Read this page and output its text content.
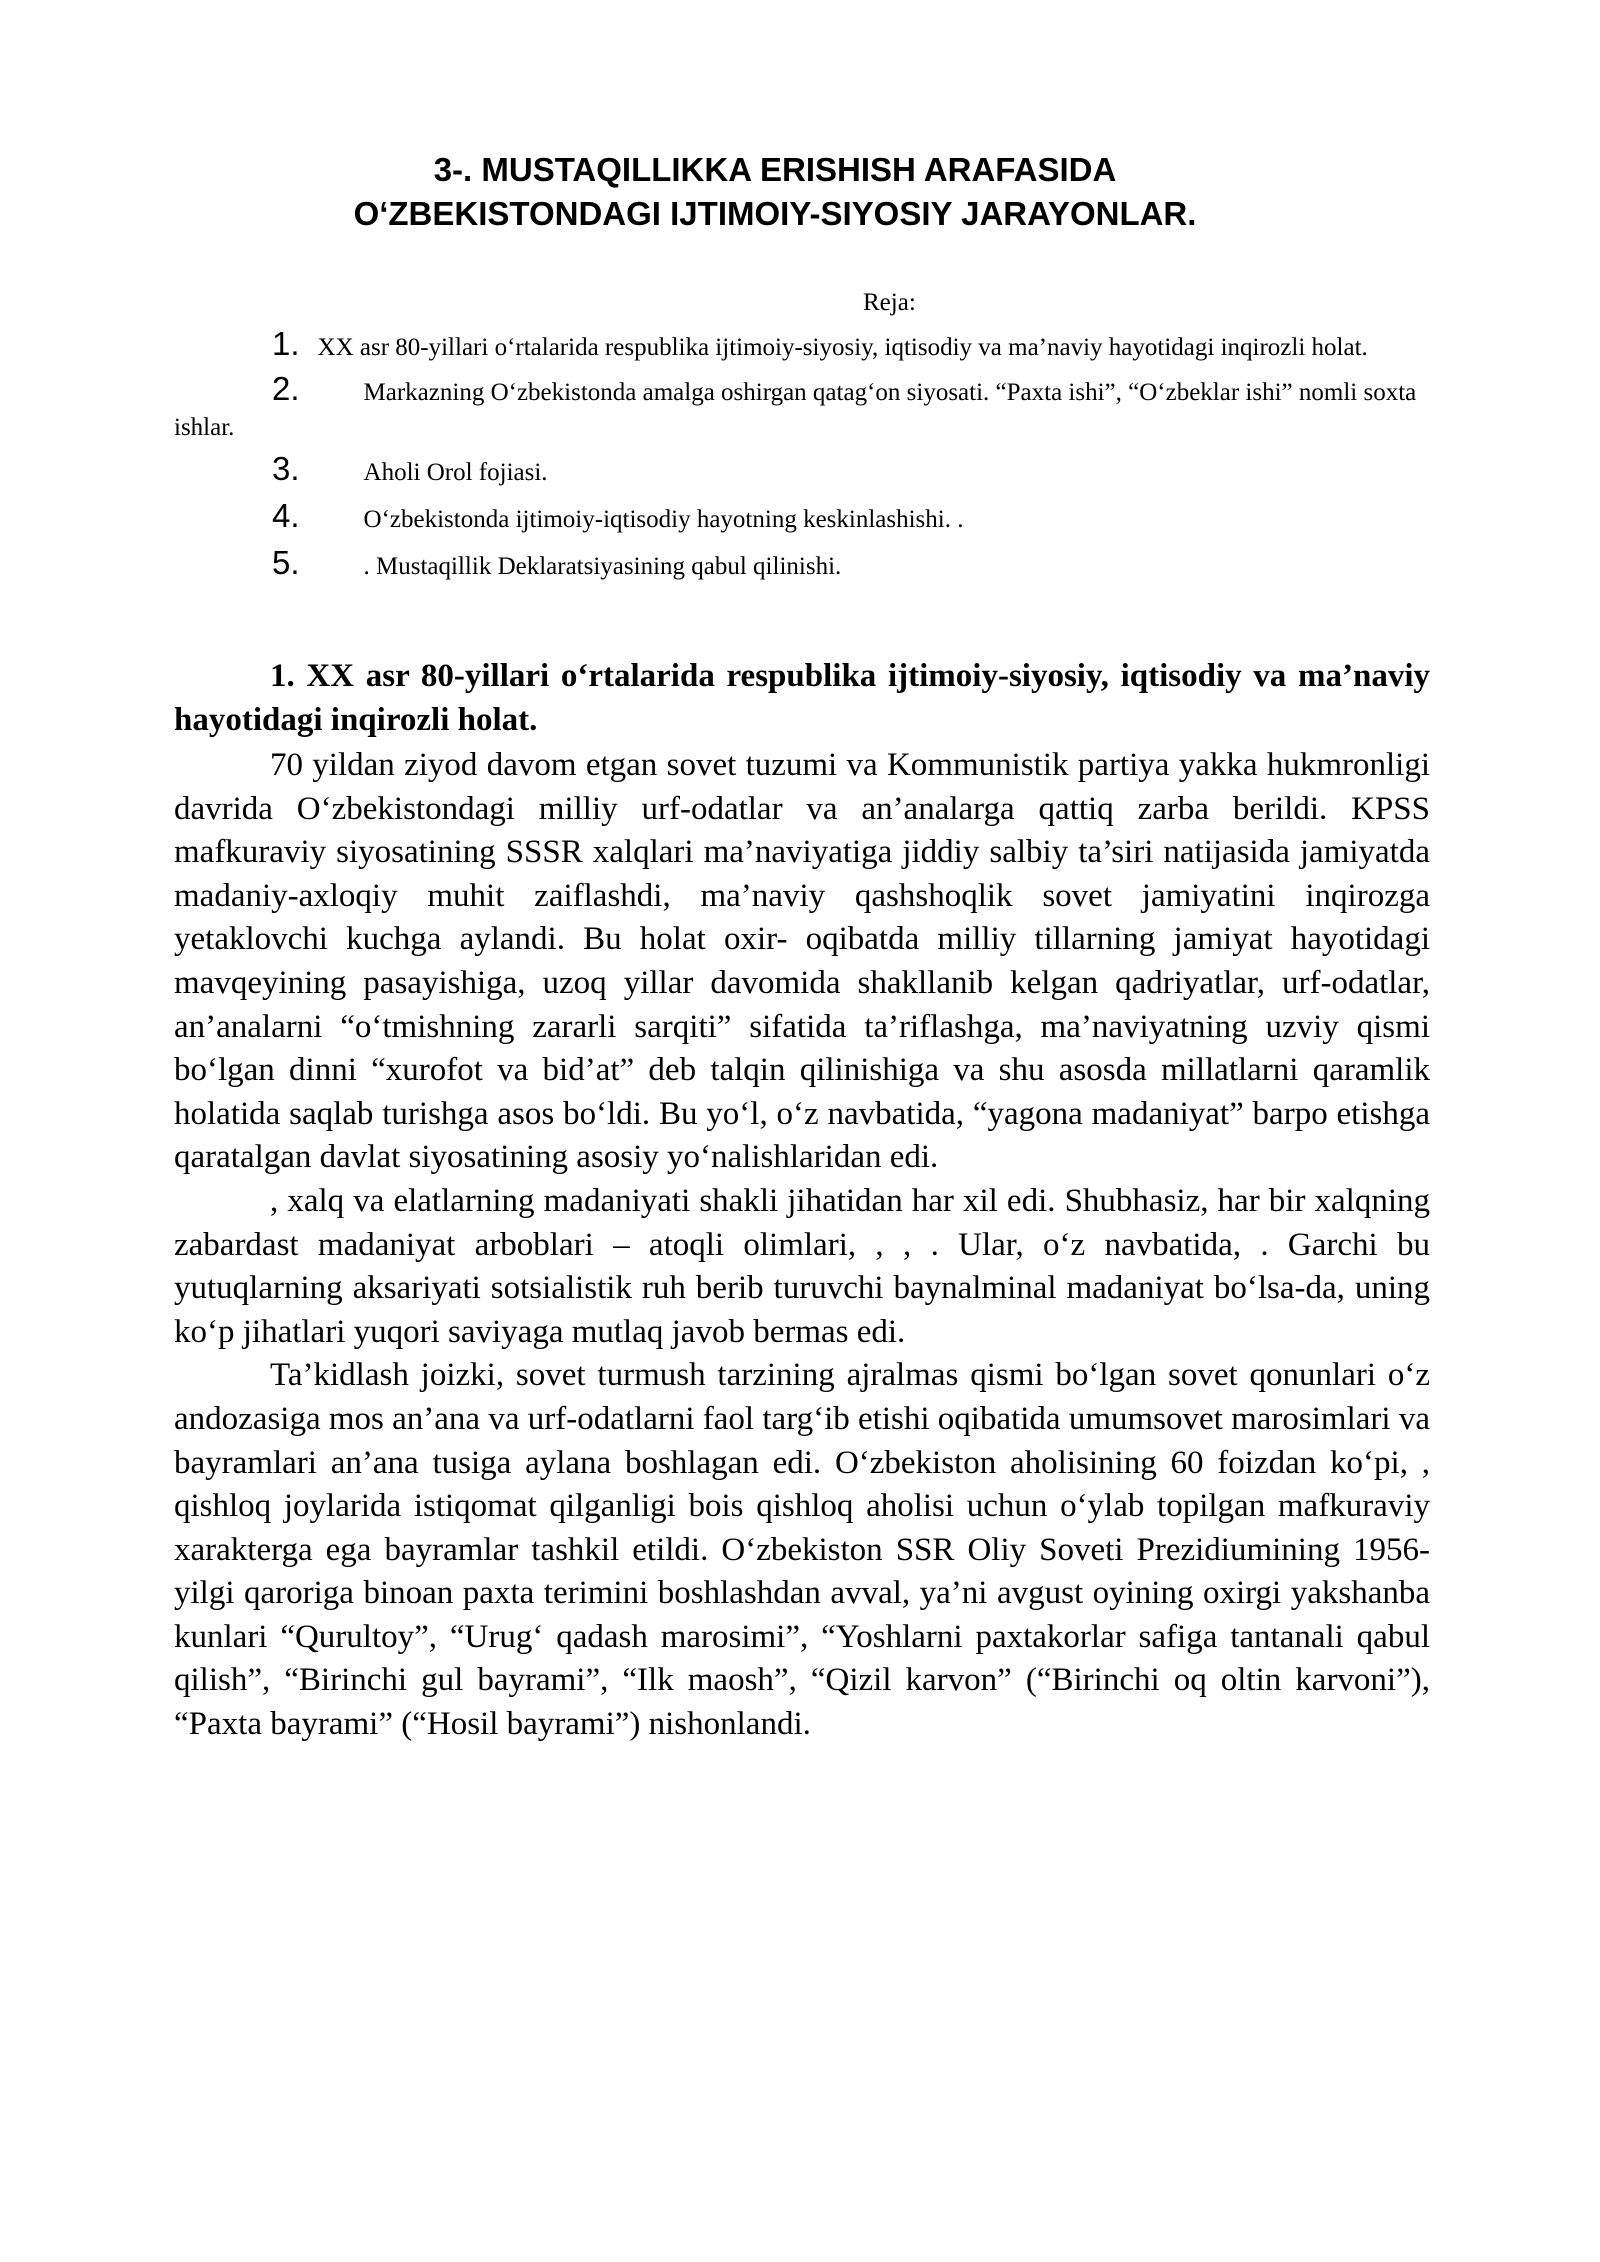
3-. MUSTAQILLIKKA ERISHISH ARAFASIDA
O‘ZBEKISTONDAGI IJTIMOIY-SIYOSIY JARAYONLAR.
Reja:
1. XX asr 80-yillari o‘rtalarida respublika ijtimoiy-siyosiy, iqtisodiy va ma’naviy hayotidagi inqirozli holat.
2.	Markazning O‘zbekistonda amalga oshirgan qatag‘on siyosati. “Paxta ishi”, “O‘zbeklar ishi” nomli soxta ishlar.
3.	Aholi Orol fojiasi.
4.	O‘zbekistonda ijtimoiy-iqtisodiy hayotning keskinlashishi. .
5.	. Mustaqillik Deklaratsiyasining qabul qilinishi.
1. XX asr 80-yillari o‘rtalarida respublika ijtimoiy-siyosiy, iqtisodiy va ma’naviy hayotidagi inqirozli holat.

70 yildan ziyod davom etgan sovet tuzumi va Kommunistik partiya yakka hukmronligi davrida O‘zbekistondagi milliy urf-odatlar va an’analarga qattiq zarba berildi. KPSS mafkuraviy siyosatining SSSR xalqlari ma’naviyatiga jiddiy salbiy ta’siri natijasida jamiyatda madaniy-axloqiy muhit zaiflashdi, ma’naviy qashshoqlik sovet jamiyatini inqirozga yetaklovchi kuchga aylandi. Bu holat oxir- oqibatda milliy tillarning jamiyat hayotidagi mavqeyining pasayishiga, uzoq yillar davomida shakllanib kelgan qadriyatlar, urf-odatlar, an’analarni “o‘tmishning zararli sarqiti” sifatida ta’riflashga, ma’naviyatning uzviy qismi bo‘lgan dinni “xurofot va bid’at” deb talqin qilinishiga va shu asosda millatlarni qaramlik holatida saqlab turishga asos bo‘ldi. Bu yo‘l, o‘z navbatida, “yagona madaniyat” barpo etishga qaratalgan davlat siyosatining asosiy yo‘nalishlaridan edi.

, xalq va elatlarning madaniyati shakli jihatidan har xil edi. Shubhasiz, har bir xalqning zabardast madaniyat arboblari – atoqli olimlari, , , . Ular, o‘z navbatida, . Garchi bu yutuqlarning aksariyati sotsialistik ruh berib turuvchi baynalminal madaniyat bo‘lsa-da, uning ko‘p jihatlari yuqori saviyaga mutlaq javob bermas edi.

Ta’kidlash joizki, sovet turmush tarzining ajralmas qismi bo‘lgan sovet qonunlari o‘z andozasiga mos an’ana va urf-odatlarni faol targ‘ib etishi oqibatida umumsovet marosimlari va bayramlari an’ana tusiga aylana boshlagan edi. O‘zbekiston aholisining 60 foizdan ko‘pi, , qishloq joylarida istiqomat qilganligi bois qishloq aholisi uchun o‘ylab topilgan mafkuraviy xarakterga ega bayramlar tashkil etildi. O‘zbekiston SSR Oliy Soveti Prezidiumining 1956-yilgi qaroriga binoan paxta terimini boshlashdan avval, ya’ni avgust oyining oxirgi yakshanba kunlari “Qurultoy”, “Urug‘ qadash marosimi”, “Yoshlarni paxtakorlar safiga tantanali qabul qilish”, “Birinchi gul bayrami”, “Ilk maosh”, “Qizil karvon” (“Birinchi oq oltin karvoni”), “Paxta bayrami” (“Hosil bayrami”) nishonlandi.
